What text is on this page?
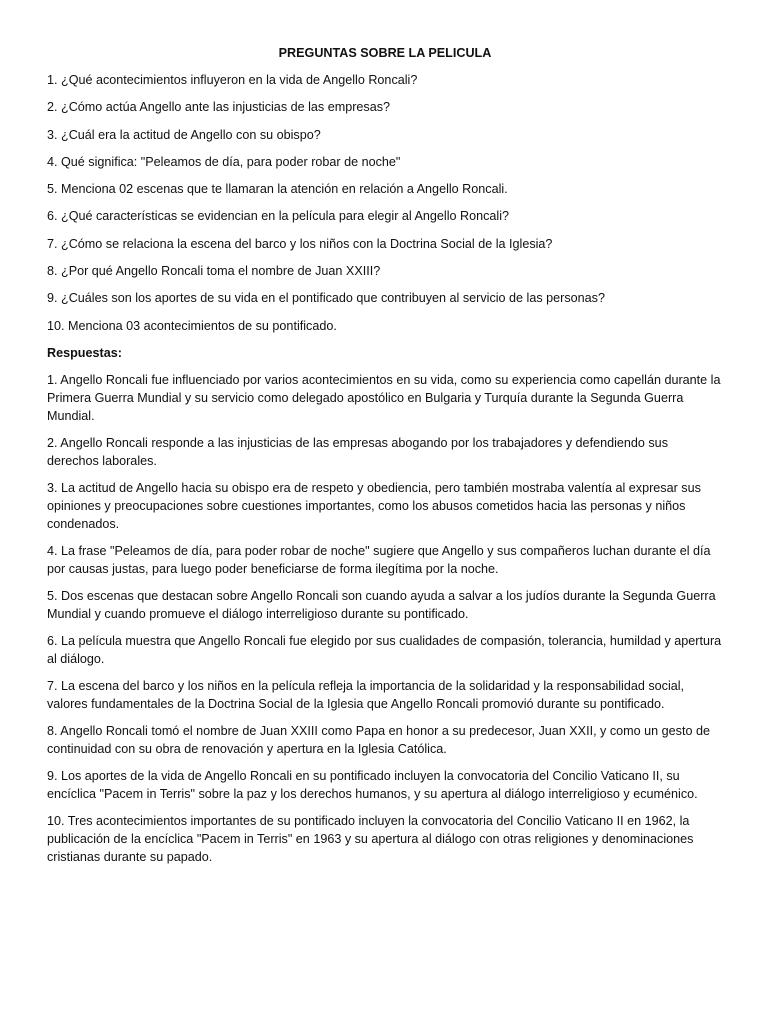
PREGUNTAS SOBRE LA PELICULA

1. ¿Qué acontecimientos influyeron en la vida de Angello Roncali?

2. ¿Cómo actúa Angello ante las injusticias de las empresas?

3. ¿Cuál era la actitud de Angello con su obispo?

4. Qué significa: "Peleamos de día, para poder robar de noche"

5. Menciona 02 escenas que te llamaran la atención en relación a Angello Roncali.

6. ¿Qué características se evidencian en la película para elegir al Angello Roncali?

7. ¿Cómo se relaciona la escena del barco y los niños con la Doctrina Social de la Iglesia?

8. ¿Por qué Angello Roncali toma el nombre de Juan XXIII?

9. ¿Cuáles son los aportes de su vida en el pontificado que contribuyen al servicio de las personas?

10. Menciona 03 acontecimientos de su pontificado.

Respuestas:

1. Angello Roncali fue influenciado por varios acontecimientos en su vida, como su experiencia como capellán durante la Primera Guerra Mundial y su servicio como delegado apostólico en Bulgaria y Turquía durante la Segunda Guerra Mundial.

2. Angello Roncali responde a las injusticias de las empresas abogando por los trabajadores y defendiendo sus derechos laborales.

3. La actitud de Angello hacia su obispo era de respeto y obediencia, pero también mostraba valentía al expresar sus opiniones y preocupaciones sobre cuestiones importantes, como los abusos cometidos hacia las personas y niños condenados.

4. La frase "Peleamos de día, para poder robar de noche" sugiere que Angello y sus compañeros luchan durante el día por causas justas, para luego poder beneficiarse de forma ilegítima por la noche.

5. Dos escenas que destacan sobre Angello Roncali son cuando ayuda a salvar a los judíos durante la Segunda Guerra Mundial y cuando promueve el diálogo interreligioso durante su pontificado.

6. La película muestra que Angello Roncali fue elegido por sus cualidades de compasión, tolerancia, humildad y apertura al diálogo.

7. La escena del barco y los niños en la película refleja la importancia de la solidaridad y la responsabilidad social, valores fundamentales de la Doctrina Social de la Iglesia que Angello Roncali promovió durante su pontificado.

8. Angello Roncali tomó el nombre de Juan XXIII como Papa en honor a su predecesor, Juan XXII, y como un gesto de continuidad con su obra de renovación y apertura en la Iglesia Católica.

9. Los aportes de la vida de Angello Roncali en su pontificado incluyen la convocatoria del Concilio Vaticano II, su encíclica "Pacem in Terris" sobre la paz y los derechos humanos, y su apertura al diálogo interreligioso y ecuménico.

10. Tres acontecimientos importantes de su pontificado incluyen la convocatoria del Concilio Vaticano II en 1962, la publicación de la encíclica "Pacem in Terris" en 1963 y su apertura al diálogo con otras religiones y denominaciones cristianas durante su papado.
